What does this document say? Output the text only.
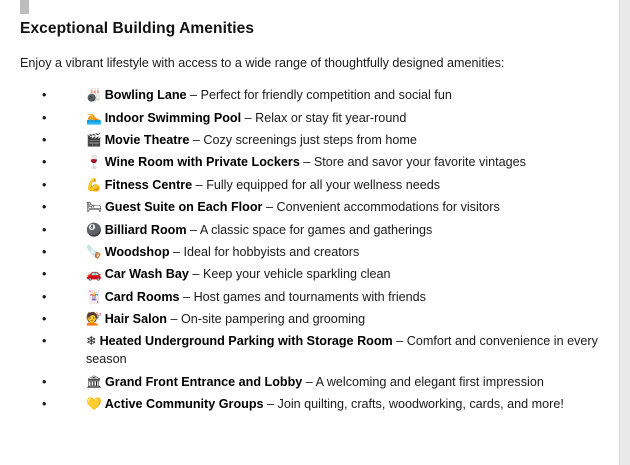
Exceptional Building Amenities

Enjoy a vibrant lifestyle with access to a wide range of thoughtfully designed amenities:

•	🎳 Bowling Lane – Perfect for friendly competition and social fun
•	🏊 Indoor Swimming Pool – Relax or stay fit year-round
•	🎬 Movie Theatre – Cozy screenings just steps from home
•	🍷 Wine Room with Private Lockers – Store and savor your favorite vintages
•	💪 Fitness Centre – Fully equipped for all your wellness needs
•	🛏 Guest Suite on Each Floor – Convenient accommodations for visitors
•	🎱 Billiard Room – A classic space for games and gatherings
•	🪚 Woodshop – Ideal for hobbyists and creators
•	🚗 Car Wash Bay – Keep your vehicle sparkling clean
•	🃏 Card Rooms – Host games and tournaments with friends
•	💇 Hair Salon – On-site pampering and grooming
•	❄ Heated Underground Parking with Storage Room – Comfort and convenience in every season
•	🏛 Grand Front Entrance and Lobby – A welcoming and elegant first impression
•	💛 Active Community Groups – Join quilting, crafts, woodworking, cards, and more!
